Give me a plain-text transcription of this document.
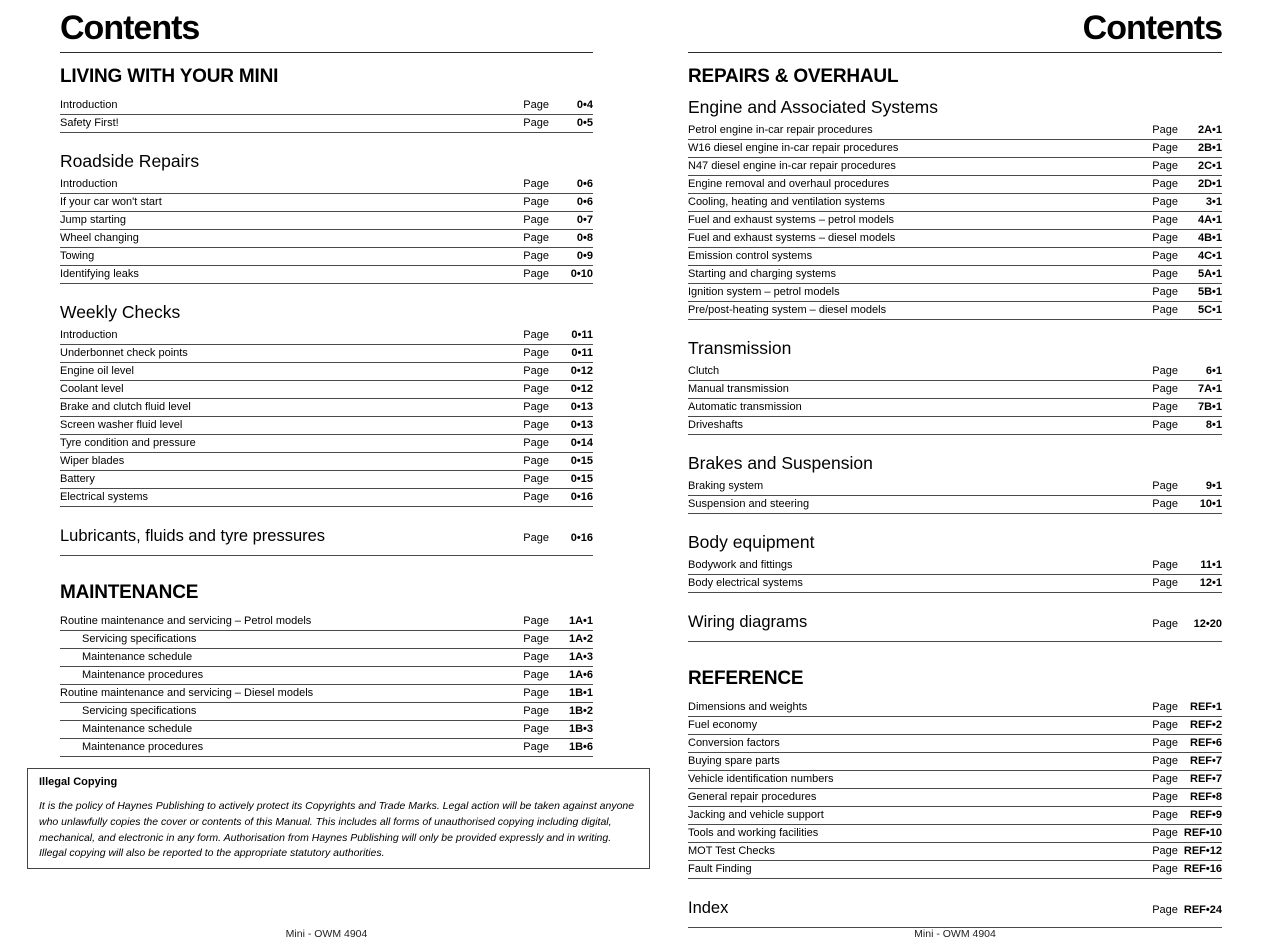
Contents
LIVING WITH YOUR MINI
Introduction	Page	0•4
Safety First!	Page	0•5
Roadside Repairs
Introduction	Page	0•6
If your car won't start	Page	0•6
Jump starting	Page	0•7
Wheel changing	Page	0•8
Towing	Page	0•9
Identifying leaks	Page	0•10
Weekly Checks
Introduction	Page	0•11
Underbonnet check points	Page	0•11
Engine oil level	Page	0•12
Coolant level	Page	0•12
Brake and clutch fluid level	Page	0•13
Screen washer fluid level	Page	0•13
Tyre condition and pressure	Page	0•14
Wiper blades	Page	0•15
Battery	Page	0•15
Electrical systems	Page	0•16
Lubricants, fluids and tyre pressures	Page	0•16
MAINTENANCE
Routine maintenance and servicing – Petrol models	Page	1A•1
Servicing specifications	Page	1A•2
Maintenance schedule	Page	1A•3
Maintenance procedures	Page	1A•6
Routine maintenance and servicing – Diesel models	Page	1B•1
Servicing specifications	Page	1B•2
Maintenance schedule	Page	1B•3
Maintenance procedures	Page	1B•6
Contents
REPAIRS & OVERHAUL
Engine and Associated Systems
Petrol engine in-car repair procedures	Page	2A•1
W16 diesel engine in-car repair procedures	Page	2B•1
N47 diesel engine in-car repair procedures	Page	2C•1
Engine removal and overhaul procedures	Page	2D•1
Cooling, heating and ventilation systems	Page	3•1
Fuel and exhaust systems – petrol models	Page	4A•1
Fuel and exhaust systems – diesel models	Page	4B•1
Emission control systems	Page	4C•1
Starting and charging systems	Page	5A•1
Ignition system – petrol models	Page	5B•1
Pre/post-heating system – diesel models	Page	5C•1
Transmission
Clutch	Page	6•1
Manual transmission	Page	7A•1
Automatic transmission	Page	7B•1
Driveshafts	Page	8•1
Brakes and Suspension
Braking system	Page	9•1
Suspension and steering	Page	10•1
Body equipment
Bodywork and fittings	Page	11•1
Body electrical systems	Page	12•1
Wiring diagrams	Page	12•20
REFERENCE
Dimensions and weights	Page	REF•1
Fuel economy	Page	REF•2
Conversion factors	Page	REF•6
Buying spare parts	Page	REF•7
Vehicle identification numbers	Page	REF•7
General repair procedures	Page	REF•8
Jacking and vehicle support	Page	REF•9
Tools and working facilities	Page REF•10
MOT Test Checks	Page REF•12
Fault Finding	Page REF•16
Index	Page REF•24
Illegal Copying
It is the policy of Haynes Publishing to actively protect its Copyrights and Trade Marks. Legal action will be taken against anyone who unlawfully copies the cover or contents of this Manual. This includes all forms of unauthorised copying including digital, mechanical, and electronic in any form. Authorisation from Haynes Publishing will only be provided expressly and in writing. Illegal copying will also be reported to the appropriate statutory authorities.
Mini - OWM 4904	Mini - OWM 4904
